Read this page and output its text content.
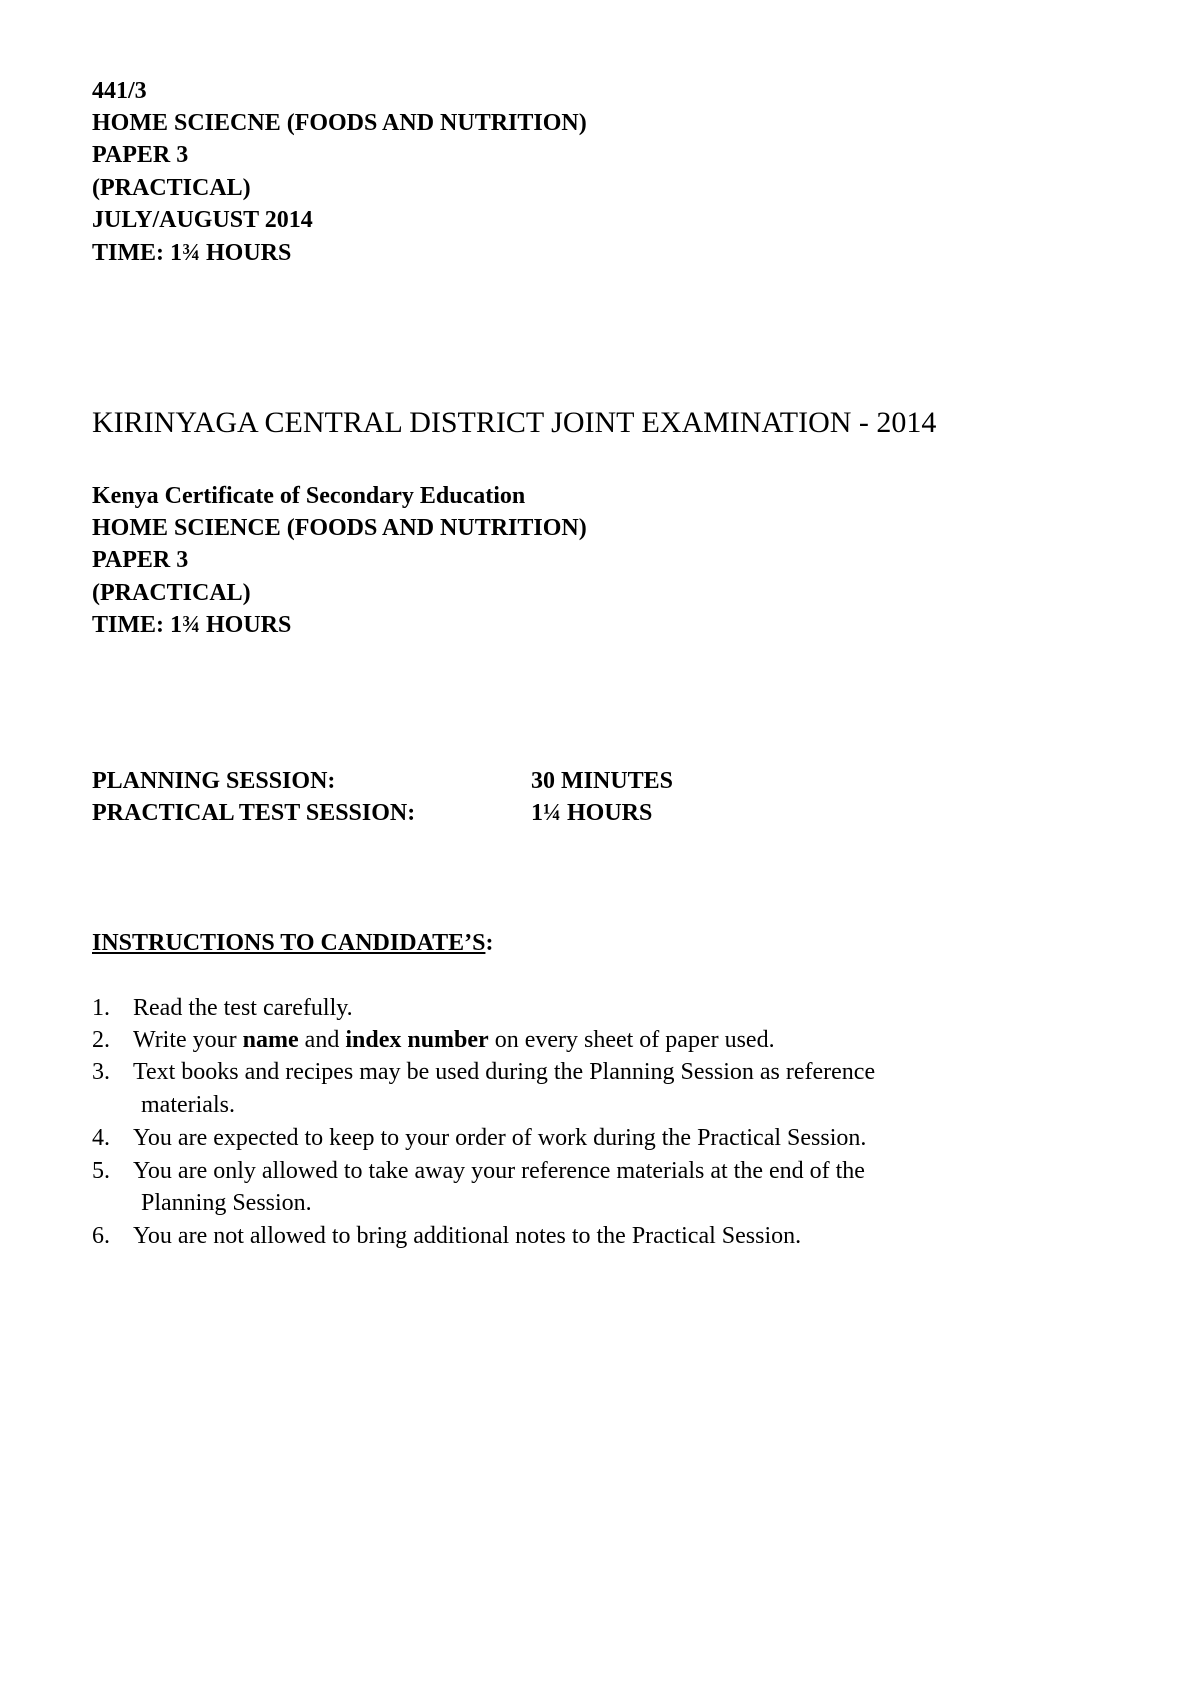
441/3
HOME SCIECNE (FOODS AND NUTRITION)
PAPER 3
(PRACTICAL)
JULY/AUGUST 2014
TIME: 1¾ HOURS
KIRINYAGA CENTRAL DISTRICT JOINT EXAMINATION - 2014
Kenya Certificate of Secondary Education
HOME SCIENCE (FOODS AND NUTRITION)
PAPER 3
(PRACTICAL)
TIME: 1¾ HOURS
PLANNING SESSION:	30 MINUTES
PRACTICAL TEST SESSION:	1¼ HOURS
INSTRUCTIONS TO CANDIDATE’S:
1. Read the test carefully.
2. Write your name and index number on every sheet of paper used.
3. Text books and recipes may be used during the Planning Session as reference
materials.
4. You are expected to keep to your order of work during the Practical Session.
5. You are only allowed to take away your reference materials at the end of the
Planning Session.
6. You are not allowed to bring additional notes to the Practical Session.
